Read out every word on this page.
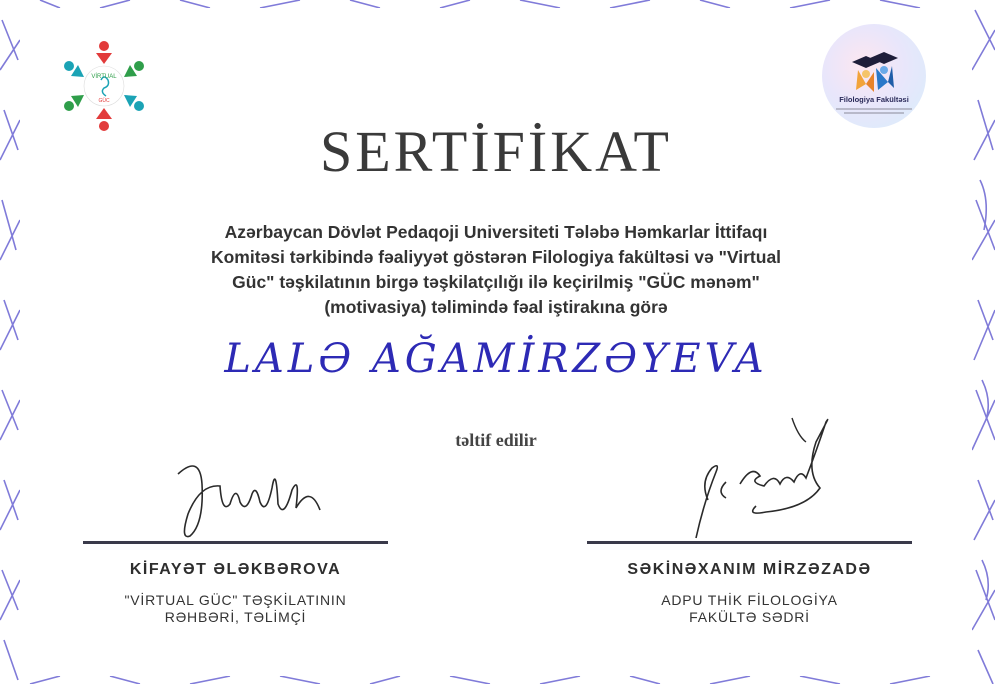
VİRTUAL
GÜC	Filologiya Fakültəsi
SERTİFİKAT
Azərbaycan Dövlət Pedaqoji Universiteti Tələbə Həmkarlar İttifaqı
Komitəsi tərkibində fəaliyyət göstərən Filologiya fakültəsi və "Virtual
Güc" təşkilatının birgə təşkilatçılığı ilə keçirilmiş "GÜC mənəm"
(motivasiya) təlimində fəal iştirakına görə
LALƏ AĞAMİRZƏYEVA
təltif edilir
KİFAYƏT ƏLƏKBƏROVA	SƏKİNƏXANIM MİRZƏZADƏ
"VİRTUAL GÜC" TƏŞKİLATININ
RƏHBƏRİ, TƏLİMÇİ
ADPU THİK FİLOLOGİYA
FAKÜLTƏ SƏDRİ
